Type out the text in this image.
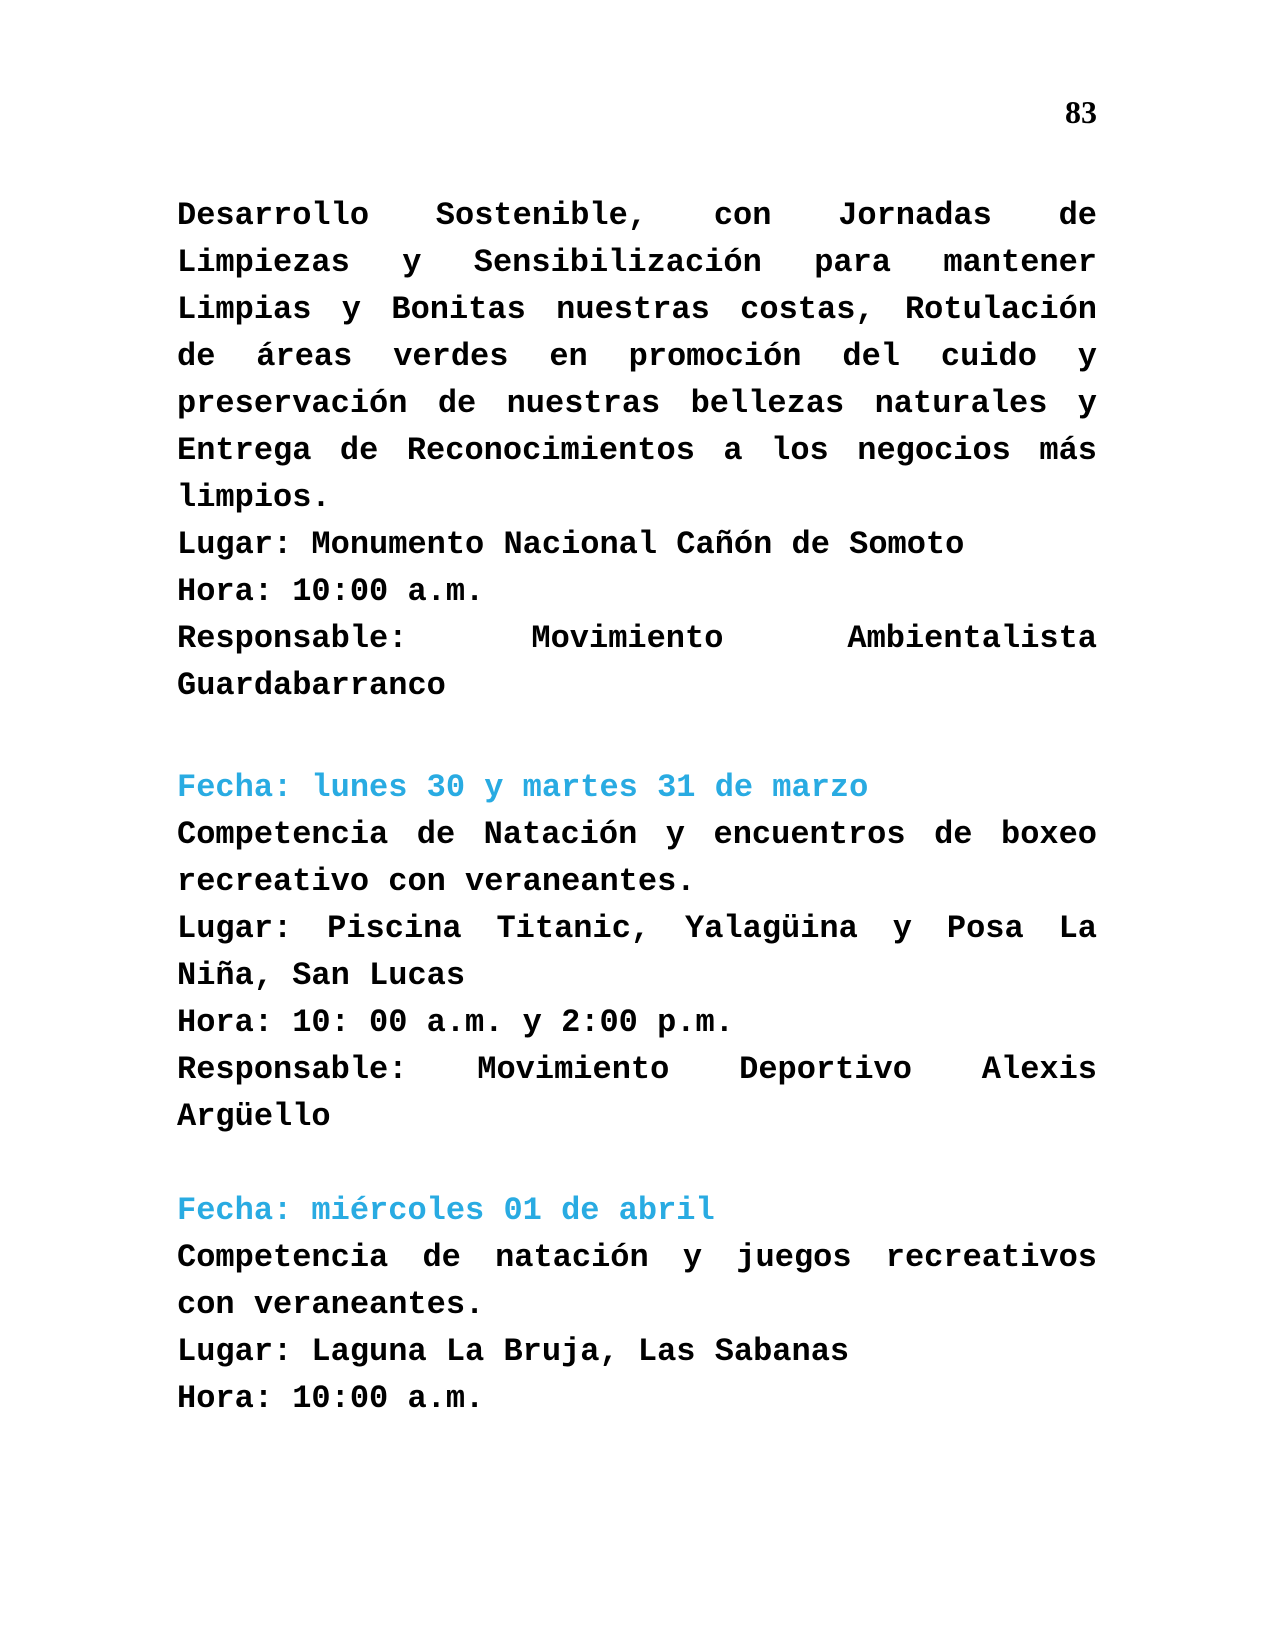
83
Desarrollo Sostenible, con Jornadas de
Limpiezas y Sensibilización para mantener
Limpias y Bonitas nuestras costas, Rotulación
de áreas verdes en promoción del cuido y
preservación de nuestras bellezas naturales y
Entrega de Reconocimientos a los negocios más
limpios.
Lugar: Monumento Nacional Cañón de Somoto
Hora: 10:00 a.m.
Responsable: Movimiento Ambientalista
Guardabarranco
Fecha: lunes 30 y martes 31 de marzo
Competencia de Natación y encuentros de boxeo
recreativo con veraneantes.
Lugar: Piscina Titanic, Yalagüina y Posa La
Niña, San Lucas
Hora: 10: 00 a.m. y 2:00 p.m.
Responsable: Movimiento Deportivo Alexis
Argüello
Fecha: miércoles 01 de abril
Competencia de natación y juegos recreativos
con veraneantes.
Lugar: Laguna La Bruja, Las Sabanas
Hora: 10:00 a.m.
